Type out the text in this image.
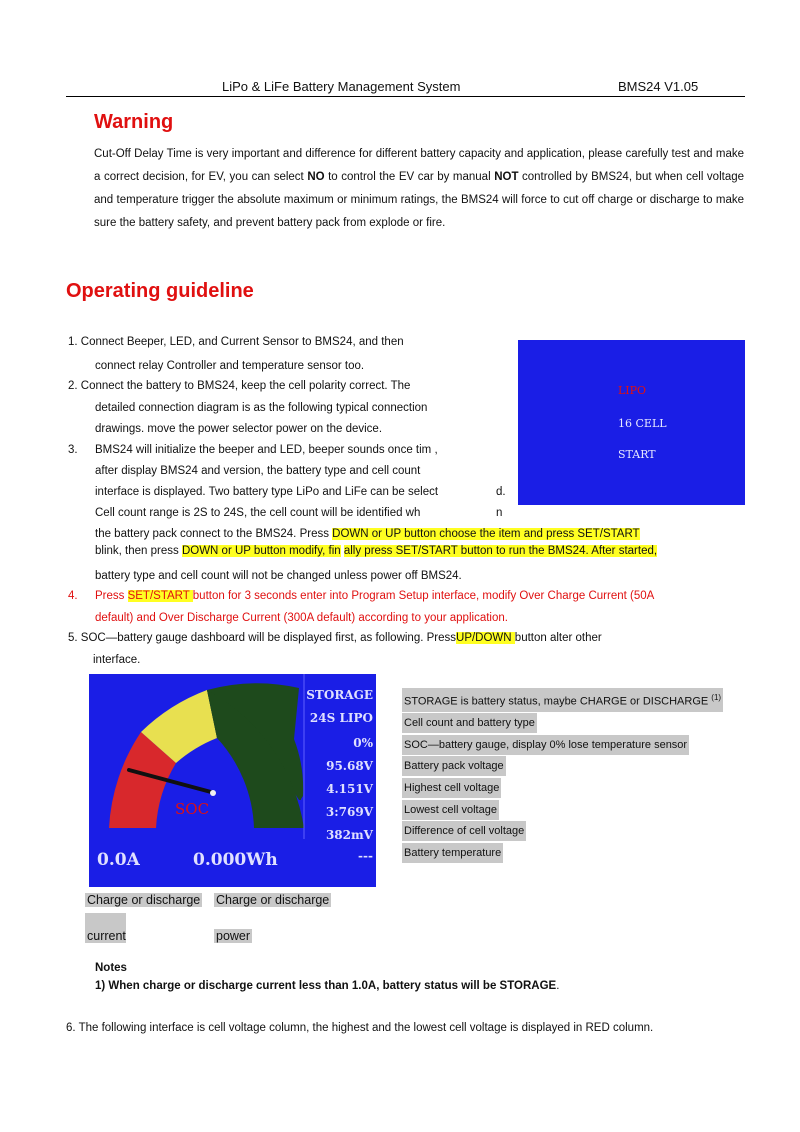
LiPo & LiFe Battery Management System	BMS24 V1.05
Warning
Cut-Off Delay Time is very important and difference for different battery capacity and application, please carefully test and make a correct decision, for EV, you can select NO to control the EV car by manual NOT controlled by BMS24, but when cell voltage and temperature trigger the absolute maximum or minimum ratings, the BMS24 will force to cut off charge or discharge to make sure the battery safety, and prevent battery pack from explode or fire.
Operating guideline
1. Connect Beeper, LED, and Current Sensor to BMS24, and then
connect relay Controller and temperature sensor too.
2. Connect the battery to BMS24, keep the cell polarity correct. The
detailed connection diagram is as the following typical connection
drawings. move the power selector power on the device.
3. BMS24 will initialize the beeper and LED, beeper sounds once tim ,
after display BMS24 and version, the battery type and cell count
interface is displayed. Two battery type LiPo and LiFe can be select	d.
Cell count range is 2S to 24S, the cell count will be identified wh	n
the battery pack connect to the BMS24. Press DOWN or UP button choose the item and press SET/START
blink, then press DOWN or UP button modify, fin ally press SET/START button to run the BMS24. After started,
battery type and cell count will not be changed unless power off BMS24.
4. Press SET/START button for 3 seconds enter into Program Setup interface, modify Over Charge Current (50A
default) and Over Discharge Current (300A default) according to your application.
5. SOC—battery gauge dashboard will be displayed first, as following. PressUP/DOWN button alter other
interface.
LIPO
16 CELL
START
SOC
STORAGE
24S LIPO
0%
95.68V
4.151V
3:769V
382mV
---
0.0A	0.000Wh
STORAGE is battery status, maybe CHARGE or DISCHARGE $^{(1)}$
Cell count and battery type
SOC—battery gauge, display 0% lose temperature sensor
Battery pack voltage
Highest cell voltage
Lowest cell voltage
Difference of cell voltage
Battery temperature
Charge or discharge
current
Charge or discharge
power
Notes
1) When charge or discharge current less than 1.0A, battery status will be STORAGE.
6. The following interface is cell voltage column, the highest and the lowest cell voltage is displayed in RED column.
